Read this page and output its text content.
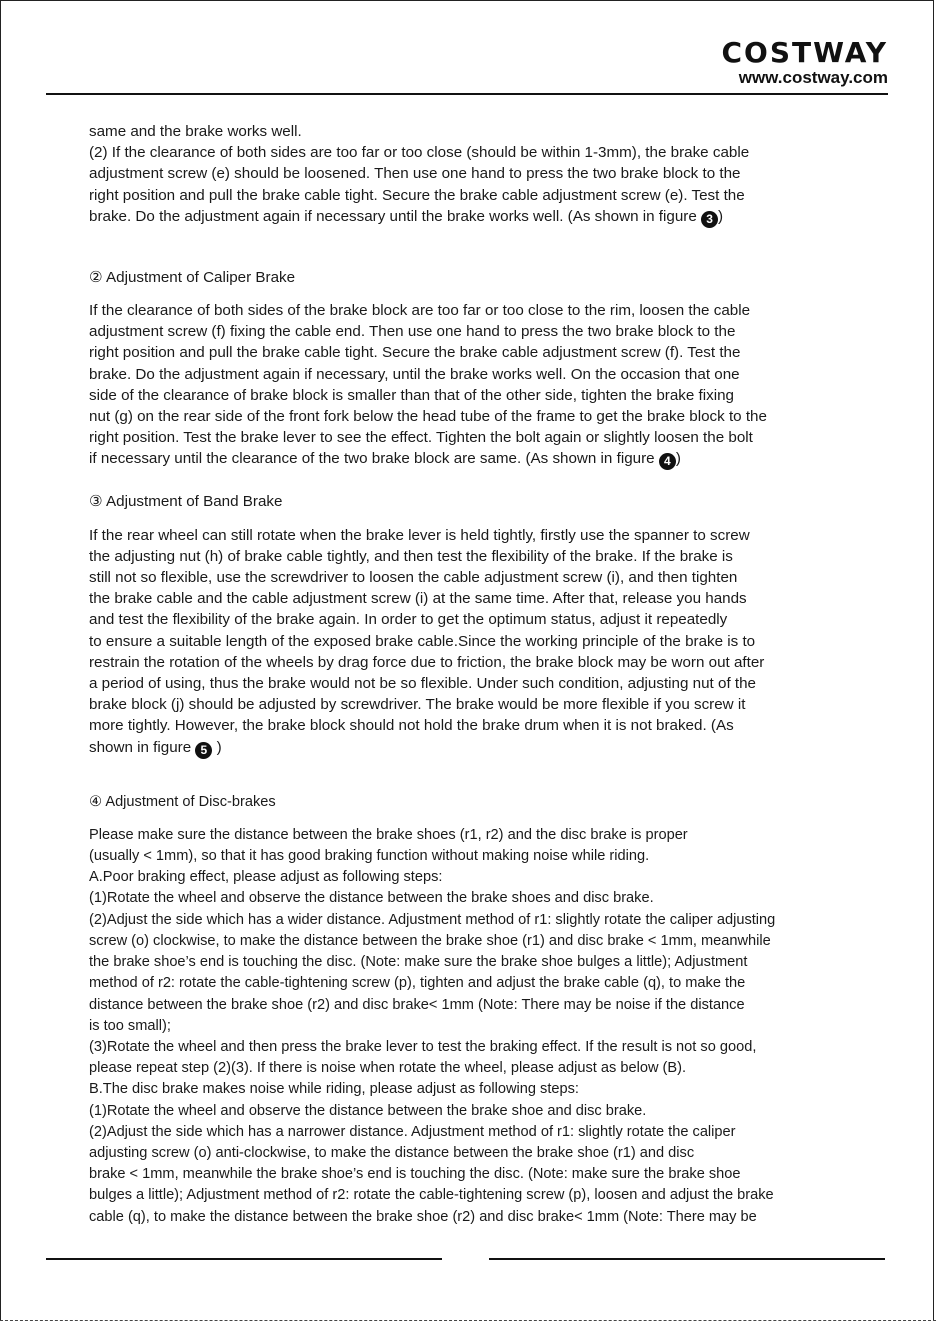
COSTWAY
www.costway.com

same and the brake works well.

(2) If the clearance of both sides are too far or too close (should be within 1-3mm), the brake cable

adjustment screw (e) should be loosened. Then use one hand to press the two brake block to the

right position and pull the brake cable tight. Secure the brake cable adjustment screw (e). Test the

brake. Do the adjustment again if necessary until the brake works well. (As shown in figure 3 )

② Adjustment of Caliper Brake

If the clearance of both sides of the brake block are too far or too close to the rim, loosen the cable

adjustment screw (f) fixing the cable end. Then use one hand to press the two brake block to the

right position and pull the brake cable tight. Secure the brake cable adjustment screw (f). Test the

brake. Do the adjustment again if necessary, until the brake works well. On the occasion that one

side of the clearance of brake block is smaller than that of the other side, tighten the brake fixing

nut (g) on the rear side of the front fork below the head tube of the frame to get the brake block to the

right position. Test the brake lever to see the effect. Tighten the bolt again or slightly loosen the bolt

if necessary until the clearance of the two brake block are same. (As shown in figure 4 )

③ Adjustment of Band Brake

If the rear wheel can still rotate when the brake lever is held tightly, firstly use the spanner to screw

the adjusting nut (h) of brake cable tightly, and then test the flexibility of the brake. If the brake is

still not so flexible, use the screwdriver to loosen the cable adjustment screw (i), and then tighten

the brake cable and the cable adjustment screw (i) at the same time. After that, release you hands

and test the flexibility of the brake again. In order to get the optimum status, adjust it repeatedly

to ensure a suitable length of the exposed brake cable.Since the working principle of the brake is to

restrain the rotation of the wheels by drag force due to friction, the brake block may be worn out after

a period of using, thus the brake would not be so flexible. Under such condition, adjusting nut of the

brake block (j) should be adjusted by screwdriver. The brake would be more flexible if you screw it

more tightly. However, the brake block should not hold the brake drum when it is not braked. (As

shown in figure 5 )

④ Adjustment of Disc-brakes

Please make sure the distance between the brake shoes (r1, r2) and the disc brake is proper

(usually < 1mm), so that it has good braking function without making noise while riding.

A.Poor braking effect, please adjust as following steps:

(1)Rotate the wheel and observe the distance between the brake shoes and disc brake.

(2)Adjust the side which has a wider distance. Adjustment method of r1: slightly rotate the caliper adjusting

screw (o) clockwise, to make the distance between the brake shoe (r1) and disc brake < 1mm, meanwhile

the brake shoe’s end is touching the disc. (Note: make sure the brake shoe bulges a little); Adjustment

method of r2: rotate the cable-tightening screw (p), tighten and adjust the brake cable (q), to make the

distance between the brake shoe (r2) and disc brake< 1mm (Note: There may be noise if the distance

is too small);

(3)Rotate the wheel and then press the brake lever to test the braking effect. If the result is not so good,

please repeat step (2)(3). If there is noise when rotate the wheel, please adjust as below (B).

B.The disc brake makes noise while riding, please adjust as following steps:

(1)Rotate the wheel and observe the distance between the brake shoe and disc brake.

(2)Adjust the side which has a narrower distance. Adjustment method of r1: slightly rotate the caliper

adjusting screw (o) anti-clockwise, to make the distance between the brake shoe (r1) and disc

brake < 1mm, meanwhile the brake shoe’s end is touching the disc. (Note: make sure the brake shoe

bulges a little); Adjustment method of r2: rotate the cable-tightening screw (p), loosen and adjust the brake

cable (q), to make the distance between the brake shoe (r2) and disc brake< 1mm (Note: There may be
